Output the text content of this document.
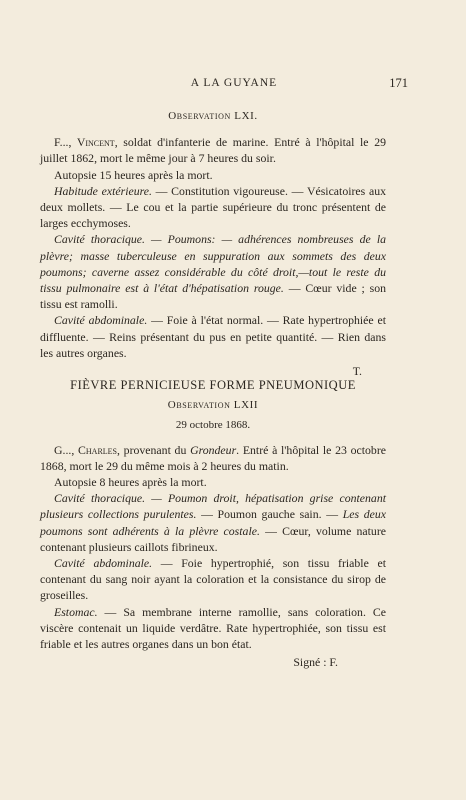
A LA GUYANE	171

Observation LXI.

F..., Vincent, soldat d'infanterie de marine. Entré à l'hôpital le 29 juillet 1862, mort le même jour à 7 heures du soir.

Autopsie 15 heures après la mort.

Habitude extérieure. — Constitution vigoureuse. — Vésicatoires aux deux mollets. — Le cou et la partie supérieure du tronc présentent de larges ecchymoses.

Cavité thoracique. — Poumons: — adhérences nombreuses de la plèvre; masse tuberculeuse en suppuration aux sommets des deux poumons; caverne assez considérable du côté droit,—tout le reste du tissu pulmonaire est à l'état d'hépatisation rouge. — Cœur vide ; son tissu est ramolli.

Cavité abdominale. — Foie à l'état normal. — Rate hypertrophiée et diffluente. — Reins présentant du pus en petite quantité. — Rien dans les autres organes.

T.

FIÈVRE PERNICIEUSE FORME PNEUMONIQUE

Observation LXII

29 octobre 1868.

G..., Charles, provenant du Grondeur. Entré à l'hôpital le 23 octobre 1868, mort le 29 du même mois à 2 heures du matin.

Autopsie 8 heures après la mort.

Cavité thoracique. — Poumon droit, hépatisation grise contenant plusieurs collections purulentes. — Poumon gauche sain. — Les deux poumons sont adhérents à la plèvre costale. — Cœur, volume nature contenant plusieurs caillots fibrineux.

Cavité abdominale. — Foie hypertrophié, son tissu friable et contenant du sang noir ayant la coloration et la consistance du sirop de groseilles.

Estomac. — Sa membrane interne ramollie, sans coloration. Ce viscère contenait un liquide verdâtre. Rate hypertrophiée, son tissu est friable et les autres organes dans un bon état.

Signé : F.
